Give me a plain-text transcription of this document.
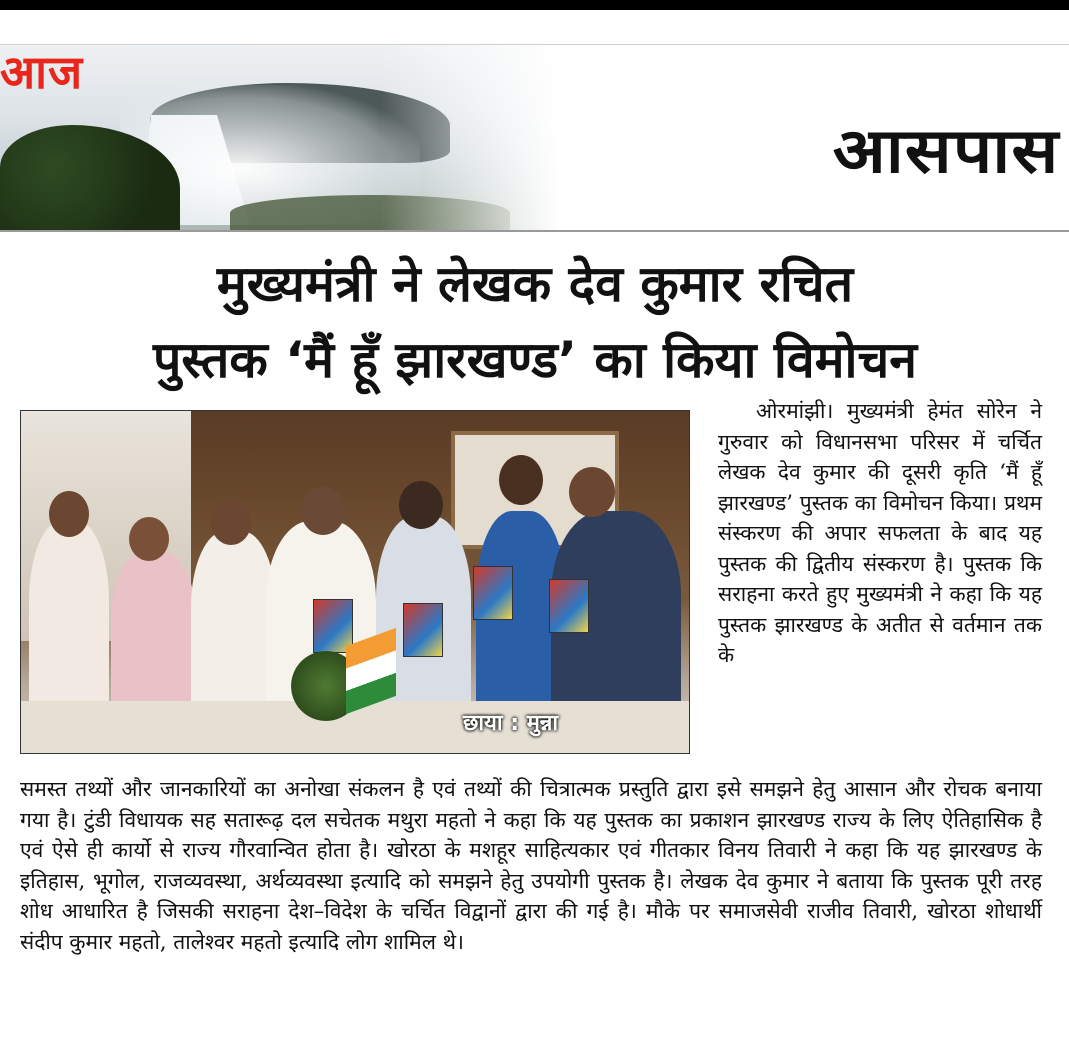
आज
आसपास
मुख्यमंत्री ने लेखक देव कुमार रचित
पुस्तक ‘मैं हूँ झारखण्ड’ का किया विमोचन
छाया : मुन्ना

ओरमांझी। मुख्यमंत्री हेमंत सोरेन ने गुरुवार को विधानसभा परिसर में चर्चित लेखक देव कुमार की दूसरी कृति ‘मैं हूँ झारखण्ड’ पुस्तक का विमोचन किया। प्रथम संस्करण की अपार सफलता के बाद यह पुस्तक की द्वितीय संस्करण है। पुस्तक कि सराहना करते हुए मुख्यमंत्री ने कहा कि यह पुस्तक झारखण्ड के अतीत से वर्तमान तक के

समस्त तथ्यों और जानकारियों का अनोखा संकलन है एवं तथ्यों की चित्रात्मक प्रस्तुति द्वारा इसे समझने हेतु आसान और रोचक बनाया गया है। टुंडी विधायक सह सतारूढ़ दल सचेतक मथुरा महतो ने कहा कि यह पुस्तक का प्रकाशन झारखण्ड राज्य के लिए ऐतिहासिक है एवं ऐसे ही कार्यो से राज्य गौरवान्वित होता है। खोरठा के मशहूर साहित्यकार एवं गीतकार विनय तिवारी ने कहा कि यह झारखण्ड के इतिहास, भूगोल, राजव्यवस्था, अर्थव्यवस्था इत्यादि को समझने हेतु उपयोगी पुस्तक है। लेखक देव कुमार ने बताया कि पुस्तक पूरी तरह शोध आधारित है जिसकी सराहना देश–विदेश के चर्चित विद्वानों द्वारा की गई है। मौके पर समाजसेवी राजीव तिवारी, खोरठा शोधार्थी संदीप कुमार महतो, तालेश्वर महतो इत्यादि लोग शामिल थे।
